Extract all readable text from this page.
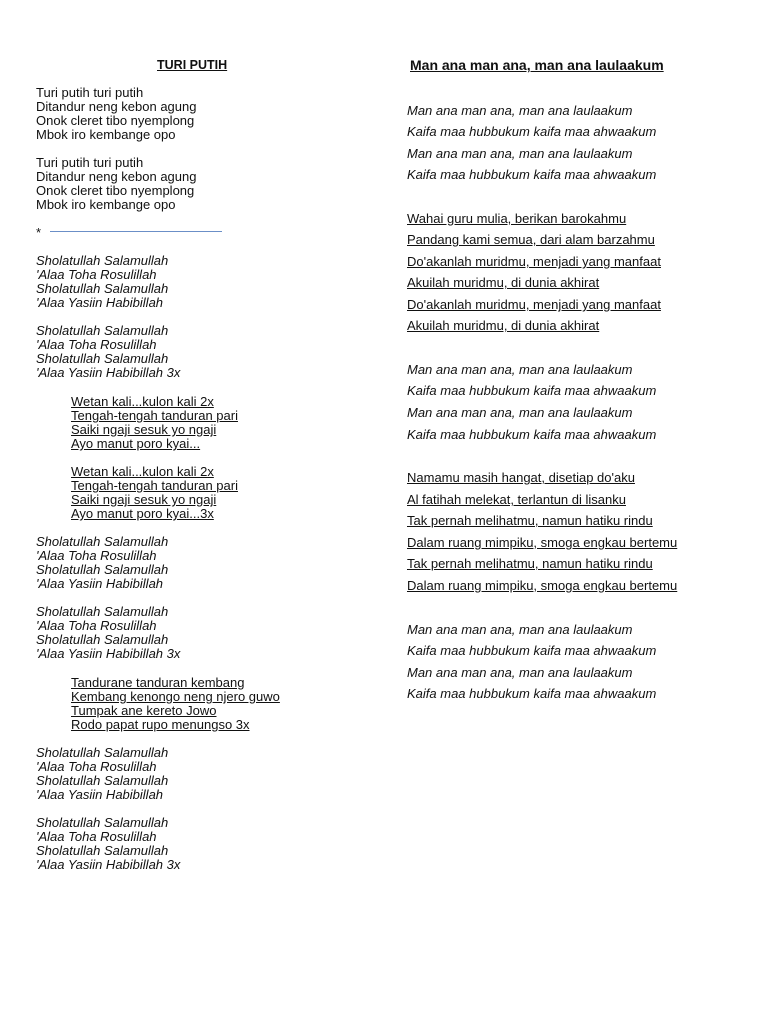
TURI PUTIH
Turi putih turi putih
Ditandur neng kebon agung
Onok cleret tibo nyemplong
Mbok iro kembange opo
Turi putih turi putih
Ditandur neng kebon agung
Onok cleret tibo nyemplong
Mbok iro kembange opo
Sholatullah Salamullah
'Alaa Toha Rosulillah
Sholatullah Salamullah
'Alaa Yasiin Habibillah
Sholatullah Salamullah
'Alaa Toha Rosulillah
Sholatullah Salamullah
'Alaa Yasiin Habibillah 3x
Wetan kali...kulon kali 2x
Tengah-tengah tanduran pari
Saiki ngaji sesuk yo ngaji
Ayo manut poro kyai...
Wetan kali...kulon kali 2x
Tengah-tengah tanduran pari
Saiki ngaji sesuk yo ngaji
Ayo manut poro kyai...3x
Sholatullah Salamullah
'Alaa Toha Rosulillah
Sholatullah Salamullah
'Alaa Yasiin Habibillah
Sholatullah Salamullah
'Alaa Toha Rosulillah
Sholatullah Salamullah
'Alaa Yasiin Habibillah 3x
Tandurane tanduran kembang
Kembang kenongo neng njero guwo
Tumpak ane kereto Jowo
Rodo papat rupo menungso 3x
Sholatullah Salamullah
'Alaa Toha Rosulillah
Sholatullah Salamullah
'Alaa Yasiin Habibillah
Sholatullah Salamullah
'Alaa Toha Rosulillah
Sholatullah Salamullah
'Alaa Yasiin Habibillah 3x
*
Man ana man ana, man ana laulaakum
Man ana man ana, man ana laulaakum
Kaifa maa hubbukum kaifa maa ahwaakum
Man ana man ana, man ana laulaakum
Kaifa maa hubbukum kaifa maa ahwaakum
Wahai guru mulia, berikan barokahmu
Pandang kami semua, dari alam barzahmu
Do'akanlah muridmu, menjadi yang manfaat
Akuilah muridmu, di dunia akhirat
Do'akanlah muridmu, menjadi yang manfaat
Akuilah muridmu, di dunia akhirat
Man ana man ana, man ana laulaakum
Kaifa maa hubbukum kaifa maa ahwaakum
Man ana man ana, man ana laulaakum
Kaifa maa hubbukum kaifa maa ahwaakum
Namamu masih hangat, disetiap do'aku
Al fatihah melekat, terlantun di lisanku
Tak pernah melihatmu, namun hatiku rindu
Dalam ruang mimpiku, smoga engkau bertemu
Tak pernah melihatmu, namun hatiku rindu
Dalam ruang mimpiku, smoga engkau bertemu
Man ana man ana, man ana laulaakum
Kaifa maa hubbukum kaifa maa ahwaakum
Man ana man ana, man ana laulaakum
Kaifa maa hubbukum kaifa maa ahwaakum
